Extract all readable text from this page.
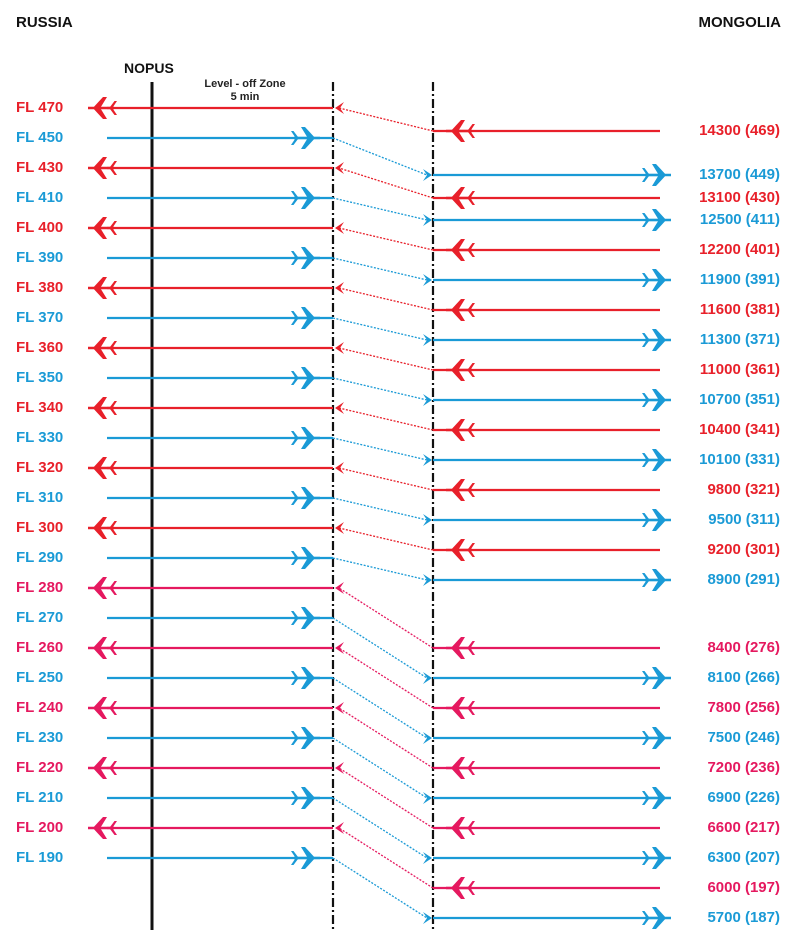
RUSSIA	MONGOLIA
NOPUS
Level - off Zone
5 min
FL 470
14300 (469)
FL 450
13700 (449)
FL 430
13100 (430)
FL 410
12500 (411)
FL 400
12200 (401)
FL 390
11900 (391)
FL 380
11600 (381)
FL 370
11300 (371)
FL 360
11000 (361)
FL 350
10700 (351)
FL 340
10400 (341)
FL 330
10100 (331)
FL 320
9800 (321)
FL 310
9500 (311)
FL 300
9200 (301)
FL 290
8900 (291)
FL 280
8400 (276)
FL 270
8100 (266)
FL 260
7800 (256)
FL 250
7500 (246)
FL 240
7200 (236)
FL 230
6900 (226)
FL 220
6600 (217)
FL 210
6300 (207)
FL 200
6000 (197)
FL 190
5700 (187)
